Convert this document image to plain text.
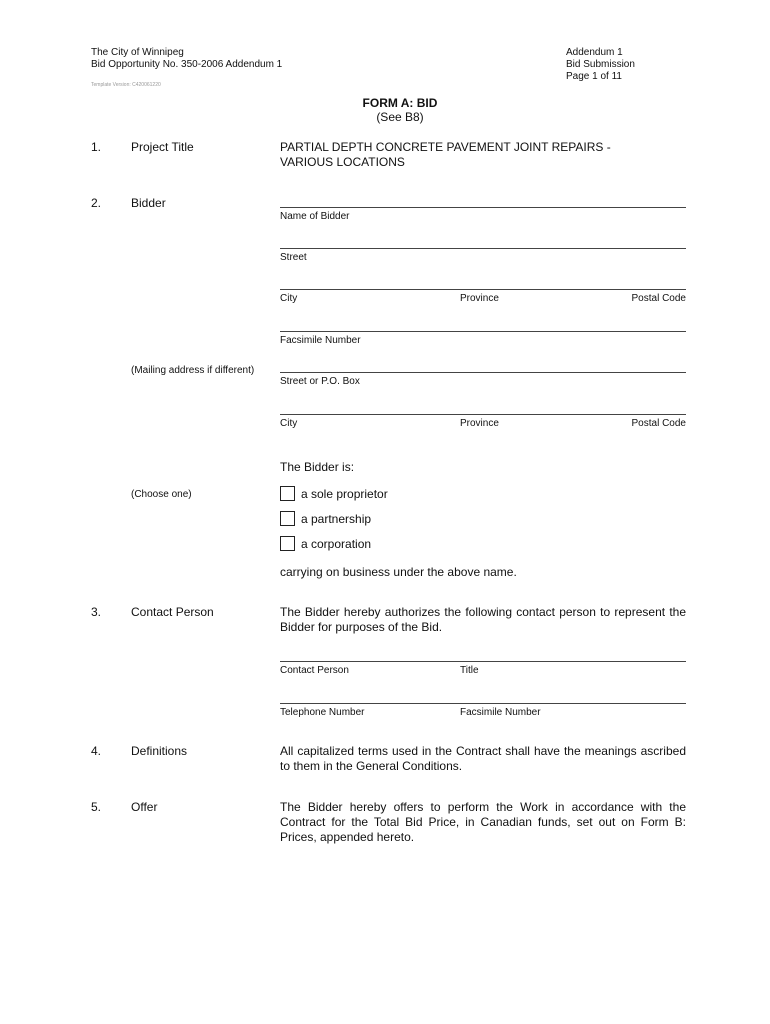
The City of Winnipeg
Bid Opportunity No. 350-2006 Addendum 1
Template Version: C420061220
Addendum 1
Bid Submission
Page 1 of 11
FORM A: BID
(See B8)
1. Project Title	PARTIAL DEPTH CONCRETE PAVEMENT JOINT REPAIRS -
VARIOUS LOCATIONS
2. Bidder
Name of Bidder
Street
City	Province	Postal Code
Facsimile Number
(Mailing address if different)
Street or P.O. Box
City	Province	Postal Code
The Bidder is:
(Choose one)	a sole proprietor
a partnership
a corporation
carrying on business under the above name.
3. Contact Person	The Bidder hereby authorizes the following contact person to represent the Bidder for purposes of the Bid.
Contact Person	Title
Telephone Number	Facsimile Number
4. Definitions	All capitalized terms used in the Contract shall have the meanings ascribed to them in the General Conditions.
5. Offer	The Bidder hereby offers to perform the Work in accordance with the Contract for the Total Bid Price, in Canadian funds, set out on Form B: Prices, appended hereto.
